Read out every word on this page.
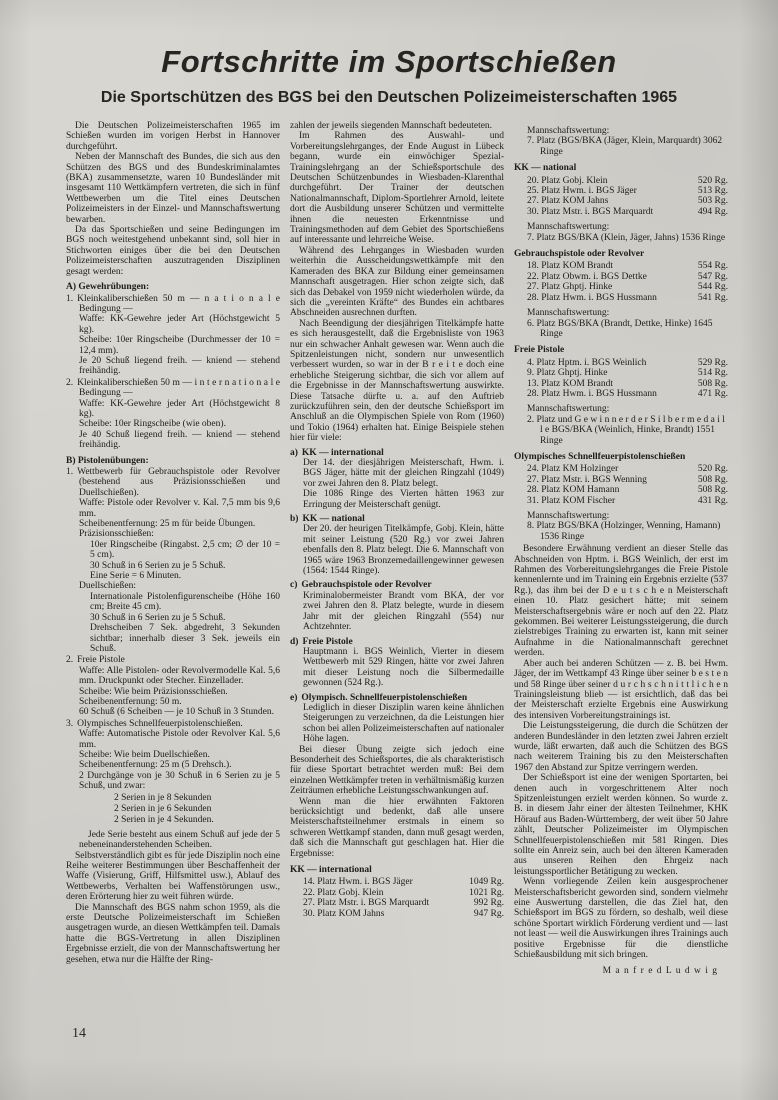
Fortschritte im Sportschießen
Die Sportschützen des BGS bei den Deutschen Polizeimeisterschaften 1965
Die Deutschen Polizeimeisterschaften 1965 im Schießen wurden im vorigen Herbst in Hannover durchgeführt.
Neben der Mannschaft des Bundes, die sich aus den Schützen des BGS und des Bundeskriminalamtes (BKA) zusammensetzte, waren 10 Bundesländer mit insgesamt 110 Wettkämpfern vertreten, die sich in fünf Wettbewerben um die Titel eines Deutschen Polizeimeisters in der Einzel- und Mannschaftswertung bewarben.
Da das Sportschießen und seine Bedingungen im BGS noch weitestgehend unbekannt sind, soll hier in Stichworten einiges über die bei den Deutschen Polizeimeisterschaften auszutragenden Disziplinen gesagt werden:
A) Gewehrübungen:
1. Kleinkaliberschießen 50 m — n a t i o n a l e Bedingung —
Waffe: KK-Gewehre jeder Art (Höchstgewicht 5 kg).
Scheibe: 10er Ringscheibe (Durchmesser der 10 = 12,4 mm).
Je 20 Schuß liegend freih. — kniend — stehend freihändig.
2. Kleinkaliberschießen 50 m — i n t e r n a t i o n a l e Bedingung —
Waffe: KK-Gewehre jeder Art (Höchstgewicht 8 kg).
Scheibe: 10er Ringscheibe (wie oben).
Je 40 Schuß liegend freih. — kniend — stehend freihändig.
B) Pistolenübungen:
1. Wettbewerb für Gebrauchspistole oder Revolver (bestehend aus Präzisionsschießen und Duellschießen).
Waffe: Pistole oder Revolver v. Kal. 7,5 mm bis 9,6 mm.
Scheibenentfernung: 25 m für beide Übungen.
Präzisionsschießen:
10er Ringscheibe (Ringabst. 2,5 cm; ∅ der 10 = 5 cm).
30 Schuß in 6 Serien zu je 5 Schuß.
Eine Serie = 6 Minuten.
Duellschießen:
Internationale Pistolenfigurenscheibe (Höhe 160 cm; Breite 45 cm).
30 Schuß in 6 Serien zu je 5 Schuß.
Drehscheiben 7 Sek. abgedreht, 3 Sekunden sichtbar; innerhalb dieser 3 Sek. jeweils ein Schuß.
2. Freie Pistole
Waffe: Alle Pistolen- oder Revolvermodelle Kal. 5,6 mm. Druckpunkt oder Stecher. Einzellader.
Scheibe: Wie beim Präzisionsschießen.
Scheibenentfernung: 50 m.
60 Schuß (6 Scheiben — je 10 Schuß in 3 Stunden.
3. Olympisches Schnellfeuerpistolenschießen.
Waffe: Automatische Pistole oder Revolver Kal. 5,6 mm.
Scheibe: Wie beim Duellschießen.
Scheibenentfernung: 25 m (5 Drehsch.).
2 Durchgänge von je 30 Schuß in 6 Serien zu je 5 Schuß, und zwar:
2 Serien in je 8 Sekunden
2 Serien in je 6 Sekunden
2 Serien in je 4 Sekunden.
Jede Serie besteht aus einem Schuß auf jede der 5 nebeneinanderstehenden Scheiben.
Selbstverständlich gibt es für jede Disziplin noch eine Reihe weiterer Bestimmungen über Beschaffenheit der Waffe (Visierung, Griff, Hilfsmittel usw.), Ablauf des Wettbewerbs, Verhalten bei Waffenstörungen usw., deren Erörterung hier zu weit führen würde.
Die Mannschaft des BGS nahm schon 1959, als die erste Deutsche Polizeimeisterschaft im Schießen ausgetragen wurde, an diesen Wettkämpfen teil. Damals hatte die BGS-Vertretung in allen Disziplinen Ergebnisse erzielt, die von der Mannschaftswertung her gesehen, etwa nur die Hälfte der Ring-
zahlen der jeweils siegenden Mannschaft bedeuteten.
Im Rahmen des Auswahl- und Vorbereitungslehrganges, der Ende August in Lübeck begann, wurde ein einwöchiger Spezial-Trainingslehrgang an der Schießsportschule des Deutschen Schützenbundes in Wiesbaden-Klarenthal durchgeführt. Der Trainer der deutschen Nationalmannschaft, Diplom-Sportlehrer Arnold, leitete dort die Ausbildung unserer Schützen und vermittelte ihnen die neuesten Erkenntnisse und Trainingsmethoden auf dem Gebiet des Sportschießens auf interessante und lehrreiche Weise.
Während des Lehrganges in Wiesbaden wurden weiterhin die Ausscheidungswettkämpfe mit den Kameraden des BKA zur Bildung einer gemeinsamen Mannschaft ausgetragen. Hier schon zeigte sich, daß sich das Debakel von 1959 nicht wiederholen würde, da sich die „vereinten Kräfte“ des Bundes ein achtbares Abschneiden ausrechnen durften.
Nach Beendigung der diesjährigen Titelkämpfe hatte es sich herausgestellt, daß die Ergebnisliste von 1963 nur ein schwacher Anhalt gewesen war. Wenn auch die Spitzenleistungen nicht, sondern nur unwesentlich verbessert wurden, so war in der B r e i t e doch eine erhebliche Steigerung sichtbar, die sich vor allem auf die Ergebnisse in der Mannschaftswertung auswirkte. Diese Tatsache dürfte u. a. auf den Auftrieb zurückzuführen sein, den der deutsche Schießsport im Anschluß an die Olympischen Spiele von Rom (1960) und Tokio (1964) erhalten hat. Einige Beispiele stehen hier für viele:
a) KK — international
Der 14. der diesjährigen Meisterschaft, Hwm. i. BGS Jäger, hätte mit der gleichen Ringzahl (1049) vor zwei Jahren den 8. Platz belegt.
Die 1086 Ringe des Vierten hätten 1963 zur Erringung der Meisterschaft genügt.
b) KK — national
Der 20. der heurigen Titelkämpfe, Gobj. Klein, hätte mit seiner Leistung (520 Rg.) vor zwei Jahren ebenfalls den 8. Platz belegt. Die 6. Mannschaft von 1965 wäre 1963 Bronzemedaillengewinner gewesen (1564: 1544 Ringe).
c) Gebrauchspistole oder Revolver
Kriminalobermeister Brandt vom BKA, der vor zwei Jahren den 8. Platz belegte, wurde in diesem Jahr mit der gleichen Ringzahl (554) nur Achtzehnter.
d) Freie Pistole
Hauptmann i. BGS Weinlich, Vierter in diesem Wettbewerb mit 529 Ringen, hätte vor zwei Jahren mit dieser Leistung noch die Silbermedaille gewonnen (524 Rg.).
e) Olympisch. Schnellfeuerpistolenschießen
Lediglich in dieser Disziplin waren keine ähnlichen Steigerungen zu verzeichnen, da die Leistungen hier schon bei allen Polizeimeisterschaften auf nationaler Höhe lagen.
Bei dieser Übung zeigte sich jedoch eine Besonderheit des Schießsportes, die als charakteristisch für diese Sportart betrachtet werden muß: Bei dem einzelnen Wettkämpfer treten in verhältnismäßig kurzen Zeiträumen erhebliche Leistungsschwankungen auf.
Wenn man die hier erwähnten Faktoren berücksichtigt und bedenkt, daß alle unsere Meisterschaftsteilnehmer erstmals in einem so schweren Wettkampf standen, dann muß gesagt werden, daß sich die Mannschaft gut geschlagen hat. Hier die Ergebnisse:
KK — international
14. Platz Hwm. i. BGS Jäger	1049 Rg.
22. Platz Gobj. Klein	1021 Rg.
27. Platz Mstr. i. BGS Marquardt	992 Rg.
30. Platz KOM Jahns	947 Rg.
Mannschaftswertung:
7. Platz (BGS/BKA (Jäger, Klein, Marquardt) 3062 Ringe
KK — national
20. Platz Gobj. Klein	520 Rg.
25. Platz Hwm. i. BGS Jäger	513 Rg.
27. Platz KOM Jahns	503 Rg.
30. Platz Mstr. i. BGS Marquardt	494 Rg.
Mannschaftswertung:
7. Platz BGS/BKA (Klein, Jäger, Jahns) 1536 Ringe
Gebrauchspistole oder Revolver
18. Platz KOM Brandt	554 Rg.
22. Platz Obwm. i. BGS Dettke	547 Rg.
27. Platz Ghptj. Hinke	544 Rg.
28. Platz Hwm. i. BGS Hussmann	541 Rg.
Mannschaftswertung:
6. Platz BGS/BKA (Brandt, Dettke, Hinke) 1645 Ringe
Freie Pistole
4. Platz Hptm. i. BGS Weinlich	529 Rg.
9. Platz Ghptj. Hinke	514 Rg.
13. Platz KOM Brandt	508 Rg.
28. Platz Hwm. i. BGS Hussmann	471 Rg.
Mannschaftswertung:
2. Platz und G e w i n n e r d e r S i l b e r m e d a i l l e BGS/BKA (Weinlich, Hinke, Brandt) 1551 Ringe
Olympisches Schnellfeuerpistolenschießen
24. Platz KM Holzinger	520 Rg.
27. Platz Mstr. i. BGS Wenning	508 Rg.
28. Platz KOM Hamann	508 Rg.
31. Platz KOM Fischer	431 Rg.
Mannschaftswertung:
8. Platz BGS/BKA (Holzinger, Wenning, Hamann) 1536 Ringe
Besondere Erwähnung verdient an dieser Stelle das Abschneiden von Hptm. i. BGS Weinlich, der erst im Rahmen des Vorbereitungslehrganges die Freie Pistole kennenlernte und im Training ein Ergebnis erzielte (537 Rg.), das ihm bei der D e u t s c h e n Meisterschaft einen 10. Platz gesichert hätte; mit seinem Meisterschaftsergebnis wäre er noch auf den 22. Platz gekommen. Bei weiterer Leistungssteigerung, die durch zielstrebiges Training zu erwarten ist, kann mit seiner Aufnahme in die Nationalmannschaft gerechnet werden.
Aber auch bei anderen Schützen — z. B. bei Hwm. Jäger, der im Wettkampf 43 Ringe über seiner b e s t e n und 58 Ringe über seiner d u r c h s c h n i t t l i c h e n Trainingsleistung blieb — ist ersichtlich, daß das bei der Meisterschaft erzielte Ergebnis eine Auswirkung des intensiven Vorbereitungstrainings ist.
Die Leistungssteigerung, die durch die Schützen der anderen Bundesländer in den letzten zwei Jahren erzielt wurde, läßt erwarten, daß auch die Schützen des BGS nach weiterem Training bis zu den Meisterschaften 1967 den Abstand zur Spitze verringern werden.
Der Schießsport ist eine der wenigen Sportarten, bei denen auch in vorgeschrittenem Alter noch Spitzenleistungen erzielt werden können. So wurde z. B. in diesem Jahr einer der ältesten Teilnehmer, KHK Hörauf aus Baden-Württemberg, der weit über 50 Jahre zählt, Deutscher Polizeimeister im Olympischen Schnellfeuerpistolenschießen mit 581 Ringen. Dies sollte ein Anreiz sein, auch bei den älteren Kameraden aus unseren Reihen den Ehrgeiz nach leistungssportlicher Betätigung zu wecken.
Wenn vorliegende Zeilen kein ausgesprochener Meisterschaftsbericht geworden sind, sondern vielmehr eine Auswertung darstellen, die das Ziel hat, den Schießsport im BGS zu fördern, so deshalb, weil diese schöne Sportart wirklich Förderung verdient und — last not least — weil die Auswirkungen ihres Trainings auch positive Ergebnisse für die dienstliche Schießausbildung mit sich bringen.
M a n f r e d L u d w i g
14
